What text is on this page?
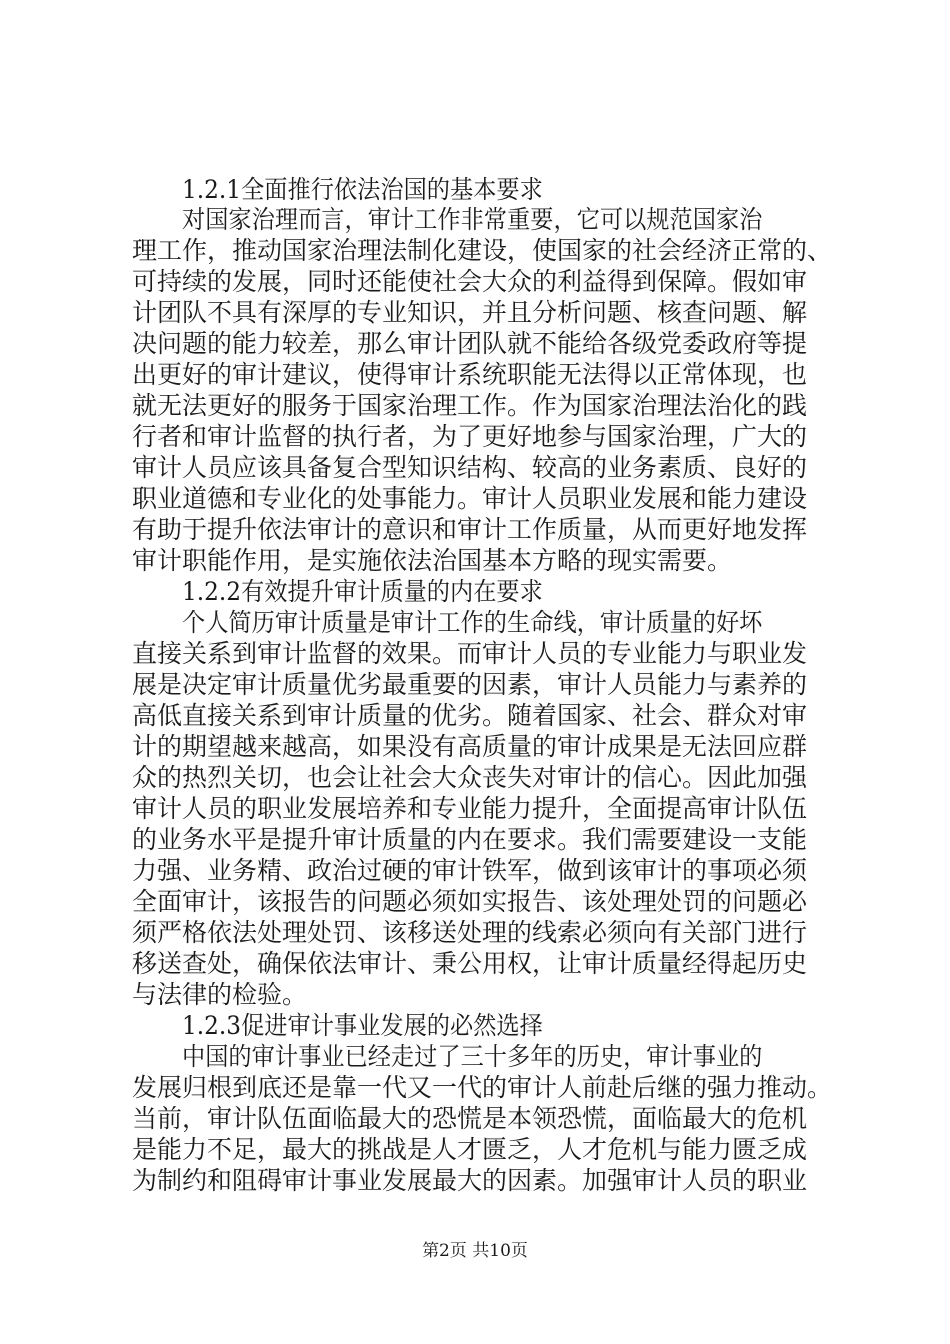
1.2.1全面推行依法治国的基本要求
对国家治理而言，审计工作非常重要，它可以规范国家治
理工作，推动国家治理法制化建设，使国家的社会经济正常的、
可持续的发展，同时还能使社会大众的利益得到保障。假如审
计团队不具有深厚的专业知识，并且分析问题、核查问题、解
决问题的能力较差，那么审计团队就不能给各级党委政府等提
出更好的审计建议，使得审计系统职能无法得以正常体现，也
就无法更好的服务于国家治理工作。作为国家治理法治化的践
行者和审计监督的执行者，为了更好地参与国家治理，广大的
审计人员应该具备复合型知识结构、较高的业务素质、良好的
职业道德和专业化的处事能力。审计人员职业发展和能力建设
有助于提升依法审计的意识和审计工作质量，从而更好地发挥
审计职能作用，是实施依法治国基本方略的现实需要。
1.2.2有效提升审计质量的内在要求
个人简历审计质量是审计工作的生命线，审计质量的好坏
直接关系到审计监督的效果。而审计人员的专业能力与职业发
展是决定审计质量优劣最重要的因素，审计人员能力与素养的
高低直接关系到审计质量的优劣。随着国家、社会、群众对审
计的期望越来越高，如果没有高质量的审计成果是无法回应群
众的热烈关切，也会让社会大众丧失对审计的信心。因此加强
审计人员的职业发展培养和专业能力提升，全面提高审计队伍
的业务水平是提升审计质量的内在要求。我们需要建设一支能
力强、业务精、政治过硬的审计铁军，做到该审计的事项必须
全面审计，该报告的问题必须如实报告、该处理处罚的问题必
须严格依法处理处罚、该移送处理的线索必须向有关部门进行
移送查处，确保依法审计、秉公用权，让审计质量经得起历史
与法律的检验。
1.2.3促进审计事业发展的必然选择
中国的审计事业已经走过了三十多年的历史，审计事业的
发展归根到底还是靠一代又一代的审计人前赴后继的强力推动。
当前，审计队伍面临最大的恐慌是本领恐慌，面临最大的危机
是能力不足，最大的挑战是人才匮乏，人才危机与能力匮乏成
为制约和阻碍审计事业发展最大的因素。加强审计人员的职业
第2页 共10页
